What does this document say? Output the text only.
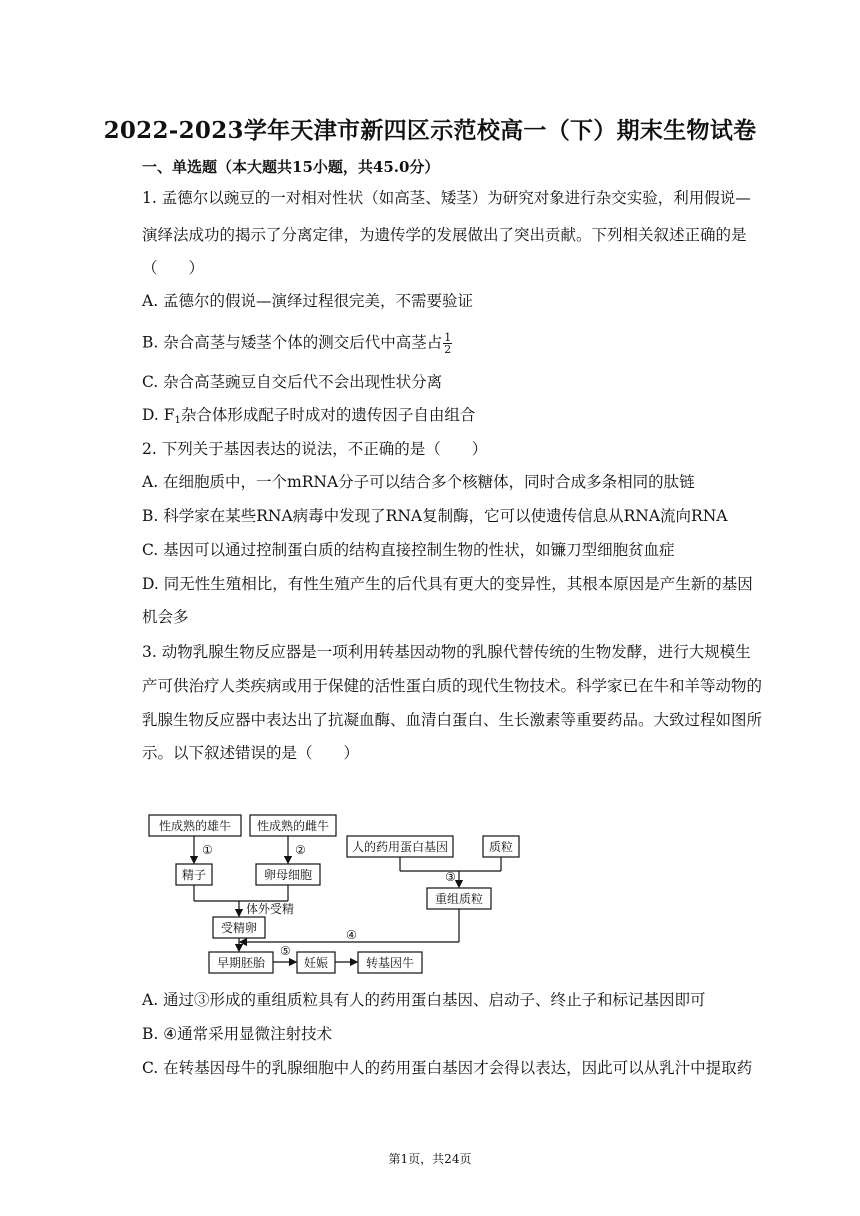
2022-2023学年天津市新四区示范校高一（下）期末生物试卷
一、单选题（本大题共15小题，共45.0分）
1. 孟德尔以豌豆的一对相对性状（如高茎、矮茎）为研究对象进行杂交实验，利用假说—
演绎法成功的揭示了分离定律，为遗传学的发展做出了突出贡献。下列相关叙述正确的是
（　　）
A. 孟德尔的假说—演绎过程很完美，不需要验证
B. 杂合高茎与矮茎个体的测交后代中高茎占 $\frac{1}{2}$
C. 杂合高茎豌豆自交后代不会出现性状分离
D. $F_1$杂合体形成配子时成对的遗传因子自由组合
2. 下列关于基因表达的说法，不正确的是（　　）
A. 在细胞质中，一个mRNA分子可以结合多个核糖体，同时合成多条相同的肽链
B. 科学家在某些RNA病毒中发现了RNA复制酶，它可以使遗传信息从RNA流向RNA
C. 基因可以通过控制蛋白质的结构直接控制生物的性状，如镰刀型细胞贫血症
D. 同无性生殖相比，有性生殖产生的后代具有更大的变异性，其根本原因是产生新的基因
机会多
3. 动物乳腺生物反应器是一项利用转基因动物的乳腺代替传统的生物发酵，进行大规模生
产可供治疗人类疾病或用于保健的活性蛋白质的现代生物技术。科学家已在牛和羊等动物的
乳腺生物反应器中表达出了抗凝血酶、血清白蛋白、生长激素等重要药品。大致过程如图所
示。以下叙述错误的是（　　）
性成熟的雄牛 性成熟的雌牛
人的药用蛋白基因	质粒
精子	卵母细胞
重组质粒
体外受精
受精卵
早期胚胎	妊娠	转基因牛
①	②
③
④
⑤
A. 通过③形成的重组质粒具有人的药用蛋白基因、启动子、终止子和标记基因即可
B. ④通常采用显微注射技术
C. 在转基因母牛的乳腺细胞中人的药用蛋白基因才会得以表达，因此可以从乳汁中提取药
第1页，共24页
